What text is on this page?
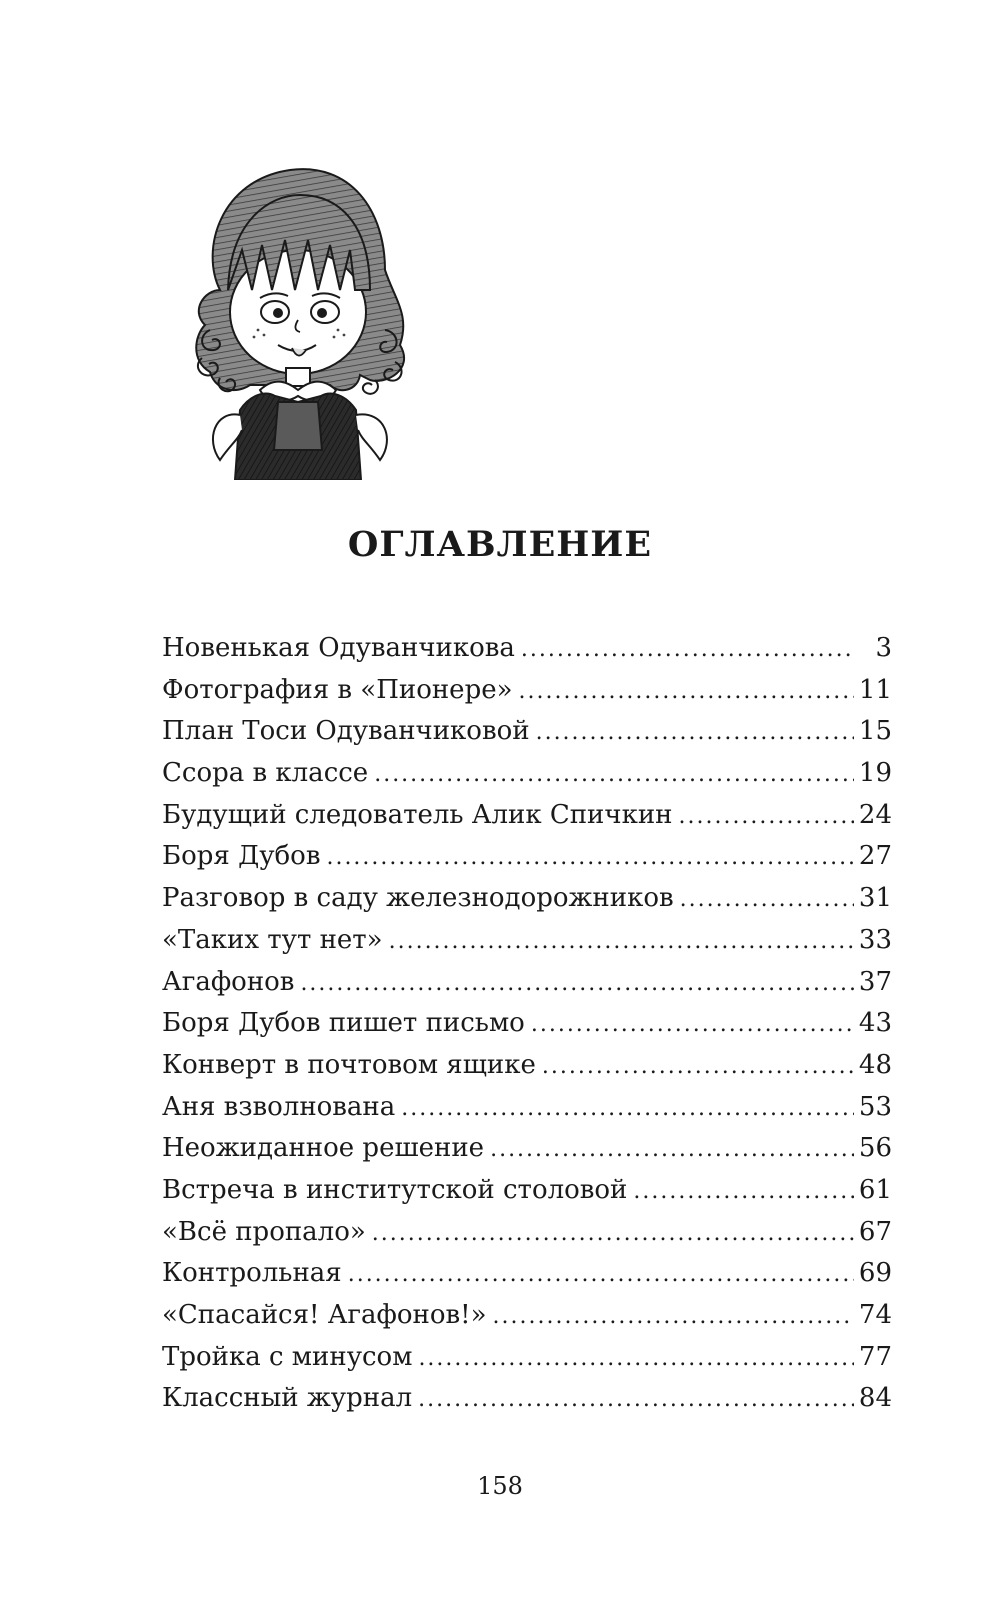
ОГЛАВЛЕНИЕ
Новенькая Одуванчикова .....	3
Фотография в «Пионере» .....	11
План Тоси Одуванчиковой .....	15
Ссора в классе .....	19
Будущий следователь Алик Спичкин .....	24
Боря Дубов .....	27
Разговор в саду железнодорожников .....	31
«Таких тут нет» .....	33
Агафонов .....	37
Боря Дубов пишет письмо .....	43
Конверт в почтовом ящике .....	48
Аня взволнована .....	53
Неожиданное решение .....	56
Встреча в институтской столовой .....	61
«Всё пропало» .....	67
Контрольная .....	69
«Спасайся! Агафонов!» .....	74
Тройка с минусом .....	77
Классный журнал .....	84
158
